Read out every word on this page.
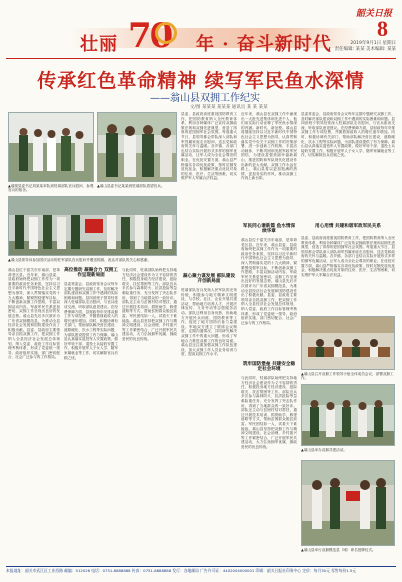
壮丽 70 年 · 奋斗新时代
韶关日报
8
2019年9月1日 星期日
责任编辑: 某某 美术编辑: 某某
传承红色革命精神 续写军民鱼水深情
——翁山县双拥工作纪实
文/图 某某某 某某某 通讯员 某 某 某某
▲翁源县委书记刘某某率队到驻翁部队官兵慰问，参观官兵的宿舍。
▲翁山县委书记某某到驻翁部队看望官兵。
▲翁山县领导向参加国庆活动的驻军部队官兵慰问并赠送锦旗，表达对部队的关心和感谢。
翁山县位于韶关市东南部，是革命老区县。近年来，翁山县委、县政府始终把双拥工作作为一项重要的政治任务来抓，坚持以习近平新时代中国特色社会主义思想为指导，深入贯彻落实党的十九大精神，紧紧围绕强军目标，不断创新双拥工作思路，丰富双拥活动内容，军政军民关系更加密切，双拥工作呈现出良好的发展态势。翁山县先后多次被评为广东省双拥模范县，为推动全县经济社会发展和国防建设作出了积极贡献。县委、县政府主要领导亲自抓双拥工作，把双拥工作纳入全县经济社会发展总体规划，纳入党委、政府工作目标管理考核体系，形成了党委统一领导、政府组织实施、部门密切配合、社会广泛参与的工作格局。
高位推动 凝聚合力 双拥工作呈现新局面
县委常委会、县政府常务会议每年定期专题研究双拥工作，及时解决部队建设和双拥工作中遇到的实际困难和问题。县四套班子领导经常深入驻翁部队走访慰问，与官兵座谈交流，听取部队意见建议。在经费保障方面，县财政每年安排双拥工作专项经费，并随着财政收入的增长逐年增加。同时，积极协调有关部门，帮助部队解决营区建设、道路硬化、饮水工程等实际问题，为部队建设提供了有力保障。翁山县认真落实退役军人安置政策，做好军转干部、退役士兵接收安置工作，积极开展军人子女入学、随军家属就业等工作，切实解除官兵后顾之忧。
与此同时，驻翁部队始终把支持地方经济社会建设作为义不容辞的责任，积极投身地方经济建设、抢险救灾、扶贫帮困等工作。部队官兵多次参与森林防火、抗洪抢险等急难险重任务，充分发挥了突击队作用，得到了当地群众的一致好评。部队还主动与贫困村结对帮扶，通过开展技术培训、捐资助学、修建道路等方式，帮助贫困群众脱贫致富。军民团结如一人，试看天下谁能敌。翁山县坚持把双拥工作与精神文明建设、社会治理、乡村振兴等工作紧密结合，广泛开展军民共建活动，大力弘扬拥军优属、拥政爱民的优良传统。
县委、县政府高度重视国防教育工作，把国防教育纳入全民教育体系，利用各种媒体广泛宣传双拥政策法规和双拥先进典型，营造了浓厚的爱国拥军社会氛围。每逢重大节日，县领导都会带队深入部队和军烈属家庭走访慰问，送去党和政府的关怀与温暖。各乡镇、各部门也结合实际开展形式多样的拥军优属活动，让军人成为全社会尊崇的职业。在优抚安置方面，翁山县严格落实各项优抚政策，按时足额发放优抚金，积极解决重点优抚对象的住房、医疗、生活等困难，切实维护军人军属合法权益。
凝心聚力谋发展 部队建设开创新局面
驻翁部队官兵发扬人民军队的光荣传统，积极参与地方精神文明建设，与学校、社区、企业开展共建活动，帮助地方培养人才，开展法律宣传、义务劳动等志愿服务活动。部队还利用自身优势，协助地方开展民兵训练、国防教育等工作，促进了地方国防后备力量建设。军地双方建立了联席会议制度，定期沟通情况，共同研究解决双拥工作中的重大问题，形成了军地合力推进双拥工作的良好局面。翁山县还注重加强双拥工作队伍建设，加大双拥工作人员业务培训力度，提高双拥工作水平。
近年来，翁山县在双拥工作中涌现出一大批先进集体和先进个人，他们用实际行动诠释了军民鱼水情深的内涵。新时代，新征程。翁山县将继续坚持以习近平新时代中国特色社会主义思想为指导，认真贯彻落实党中央关于双拥工作的决策部署，进一步创新工作机制，丰富活动载体，不断巩固和发展军政军民团结，为建设富强美丽幸福新翁山、推进国防和军队现代化建设作出新的更大贡献。双拥工作永远在路上，翁山县将以更加饱满的热情、更加务实的作风，推动双拥工作再上新台阶。
军民同心谱新篇 鱼水情深续华章
翁山县位于韶关市东南部，是革命老区县。近年来，翁山县委、县政府始终把双拥工作作为一项重要的政治任务来抓，坚持以习近平新时代中国特色社会主义思想为指导，深入贯彻落实党的十九大精神，紧紧围绕强军目标，不断创新双拥工作思路，丰富双拥活动内容，军政军民关系更加密切，双拥工作呈现出良好的发展态势。翁山县先后多次被评为广东省双拥模范县，为推动全县经济社会发展和国防建设作出了积极贡献。县委、县政府主要领导亲自抓双拥工作，把双拥工作纳入全县经济社会发展总体规划，纳入党委、政府工作目标管理考核体系，形成了党委统一领导、政府组织实施、部门密切配合、社会广泛参与的工作格局。
筑牢国防堡垒 共建安全稳定社会环境
与此同时，驻翁部队始终把支持地方经济社会建设作为义不容辞的责任，积极投身地方经济建设、抢险救灾、扶贫帮困等工作。部队官兵多次参与森林防火、抗洪抢险等急难险重任务，充分发挥了突击队作用，得到了当地群众的一致好评。部队还主动与贫困村结对帮扶，通过开展技术培训、捐资助学、修建道路等方式，帮助贫困群众脱贫致富。军民团结如一人，试看天下谁能敌。翁山县坚持把双拥工作与精神文明建设、社会治理、乡村振兴等工作紧密结合，广泛开展军民共建活动，大力弘扬拥军优属、拥政爱民的优良传统。
县委常委会、县政府常务会议每年定期专题研究双拥工作，及时解决部队建设和双拥工作中遇到的实际困难和问题。县四套班子领导经常深入驻翁部队走访慰问，与官兵座谈交流，听取部队意见建议。在经费保障方面，县财政每年安排双拥工作专项经费，并随着财政收入的增长逐年增加。同时，积极协调有关部门，帮助部队解决营区建设、道路硬化、饮水工程等实际问题，为部队建设提供了有力保障。翁山县认真落实退役军人安置政策，做好军转干部、退役士兵接收安置工作，积极开展军人子女入学、随军家属就业等工作，切实解除官兵后顾之忧。
用心用情 共建和谐军政军民关系
县委、县政府高度重视国防教育工作，把国防教育纳入全民教育体系，利用各种媒体广泛宣传双拥政策法规和双拥先进典型，营造了浓厚的爱国拥军社会氛围。每逢重大节日，县领导都会带队深入部队和军烈属家庭走访慰问，送去党和政府的关怀与温暖。各乡镇、各部门也结合实际开展形式多样的拥军优属活动，让军人成为全社会尊崇的职业。在优抚安置方面，翁山县严格落实各项优抚政策，按时足额发放优抚金，积极解决重点优抚对象的住房、医疗、生活等困难，切实维护军人军属合法权益。
▲翁山县召开双拥工作领导小组全体成员会议，部署双拥工作。
▲翁山县举办双拥共建活动。
▲翁山县举行双拥模范县（城）命名授牌仪式。
本报地址：韶关市武江区工业西路 邮编：512026 电话：0751-8888888 传真：0751-8888888 发行：各地邮局 广告许可证：4402004000001 印刷：韶关日报社印务中心 定价：每月30元 零售每份1.5元
